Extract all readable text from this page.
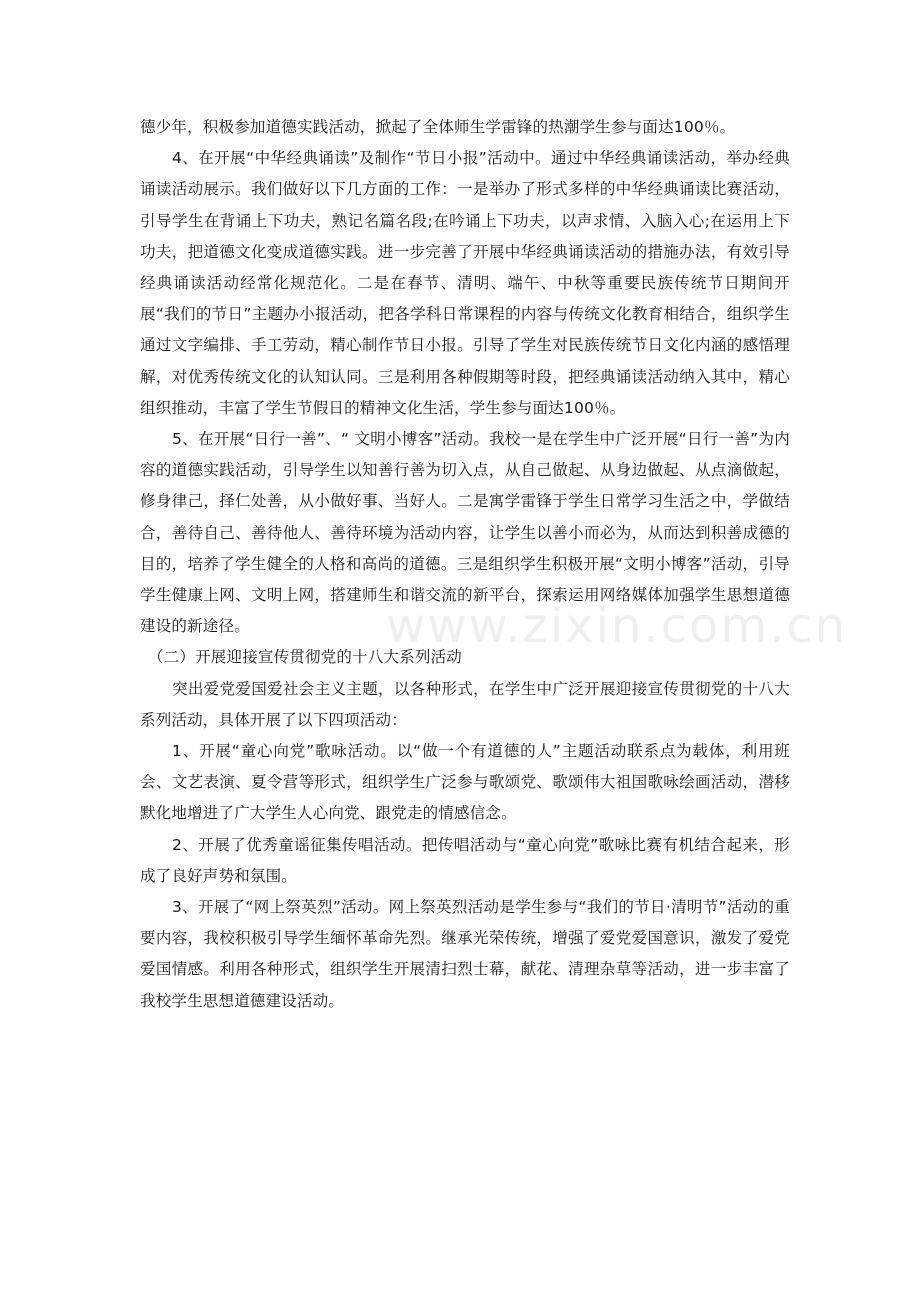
德少年，积极参加道德实践活动，掀起了全体师生学雷锋的热潮学生参与面达100％。

4、在开展“中华经典诵读”及制作“节日小报”活动中。通过中华经典诵读活动，举办经典诵读活动展示。我们做好以下几方面的工作：一是举办了形式多样的中华经典诵读比赛活动，引导学生在背诵上下功夫，熟记名篇名段;在吟诵上下功夫，以声求情、入脑入心;在运用上下功夫，把道德文化变成道德实践。进一步完善了开展中华经典诵读活动的措施办法，有效引导经典诵读活动经常化规范化。二是在春节、清明、端午、中秋等重要民族传统节日期间开展“我们的节日”主题办小报活动，把各学科日常课程的内容与传统文化教育相结合，组织学生通过文字编排、手工劳动，精心制作节日小报。引导了学生对民族传统节日文化内涵的感悟理解，对优秀传统文化的认知认同。三是利用各种假期等时段，把经典诵读活动纳入其中，精心组织推动，丰富了学生节假日的精神文化生活，学生参与面达100％。

5、在开展“日行一善”、“ 文明小博客”活动。我校一是在学生中广泛开展“日行一善”为内容的道德实践活动，引导学生以知善行善为切入点，从自己做起、从身边做起、从点滴做起，修身律己，择仁处善，从小做好事、当好人。二是寓学雷锋于学生日常学习生活之中，学做结合，善待自己、善待他人、善待环境为活动内容，让学生以善小而必为，从而达到积善成德的目的，培养了学生健全的人格和高尚的道德。三是组织学生积极开展“文明小博客”活动，引导学生健康上网、文明上网，搭建师生和谐交流的新平台，探索运用网络媒体加强学生思想道德建设的新途径。

（二）开展迎接宣传贯彻党的十八大系列活动

突出爱党爱国爱社会主义主题，以各种形式，在学生中广泛开展迎接宣传贯彻党的十八大系列活动，具体开展了以下四项活动：

1、开展“童心向党”歌咏活动。以“做一个有道德的人”主题活动联系点为载体，利用班会、文艺表演、夏令营等形式，组织学生广泛参与歌颂党、歌颂伟大祖国歌咏绘画活动，潜移默化地增进了广大学生人心向党、跟党走的情感信念。

2、开展了优秀童谣征集传唱活动。把传唱活动与“童心向党”歌咏比赛有机结合起来，形成了良好声势和氛围。

3、开展了“网上祭英烈”活动。网上祭英烈活动是学生参与“我们的节日·清明节”活动的重要内容，我校积极引导学生缅怀革命先烈。继承光荣传统，增强了爱党爱国意识，激发了爱党爱国情感。利用各种形式，组织学生开展清扫烈士幕，献花、清理杂草等活动，进一步丰富了我校学生思想道德建设活动。

www.zixin.com.cn
